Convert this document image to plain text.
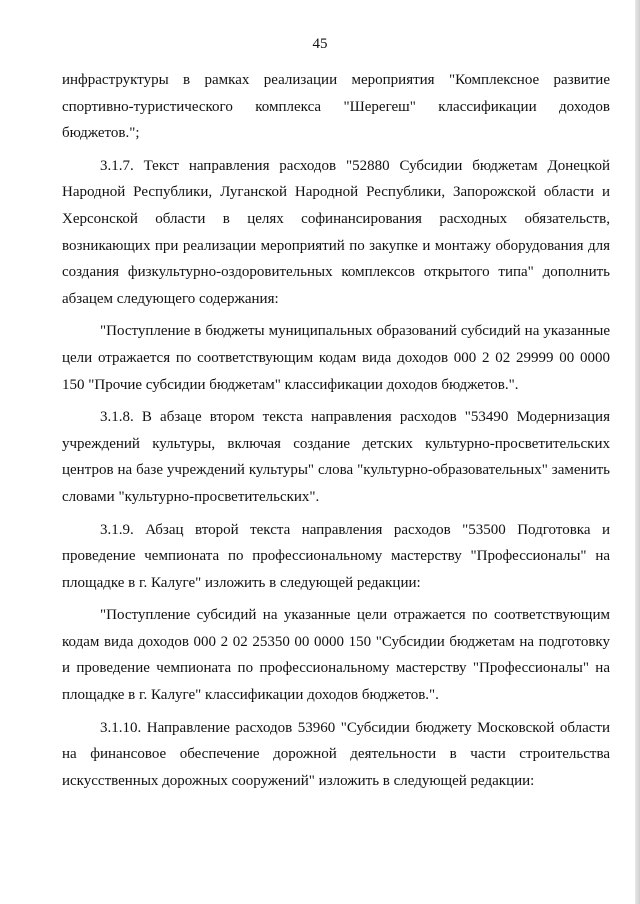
45

инфраструктуры в рамках реализации мероприятия "Комплексное развитие спортивно-туристического комплекса "Шерегеш" классификации доходов бюджетов.";

3.1.7. Текст направления расходов "52880 Субсидии бюджетам Донецкой Народной Республики, Луганской Народной Республики, Запорожской области и Херсонской области в целях софинансирования расходных обязательств, возникающих при реализации мероприятий по закупке и монтажу оборудования для создания физкультурно-оздоровительных комплексов открытого типа" дополнить абзацем следующего содержания:

"Поступление в бюджеты муниципальных образований субсидий на указанные цели отражается по соответствующим кодам вида доходов 000 2 02 29999 00 0000 150 "Прочие субсидии бюджетам" классификации доходов бюджетов.".

3.1.8. В абзаце втором текста направления расходов "53490 Модернизация учреждений культуры, включая создание детских культурно-просветительских центров на базе учреждений культуры" слова "культурно-образовательных" заменить словами "культурно-просветительских".

3.1.9. Абзац второй текста направления расходов "53500 Подготовка и проведение чемпионата по профессиональному мастерству "Профессионалы" на площадке в г. Калуге" изложить в следующей редакции:

"Поступление субсидий на указанные цели отражается по соответствующим кодам вида доходов 000 2 02 25350 00 0000 150 "Субсидии бюджетам на подготовку и проведение чемпионата по профессиональному мастерству "Профессионалы" на площадке в г. Калуге" классификации доходов бюджетов.".

3.1.10. Направление расходов 53960 "Субсидии бюджету Московской области на финансовое обеспечение дорожной деятельности в части строительства искусственных дорожных сооружений" изложить в следующей редакции:
